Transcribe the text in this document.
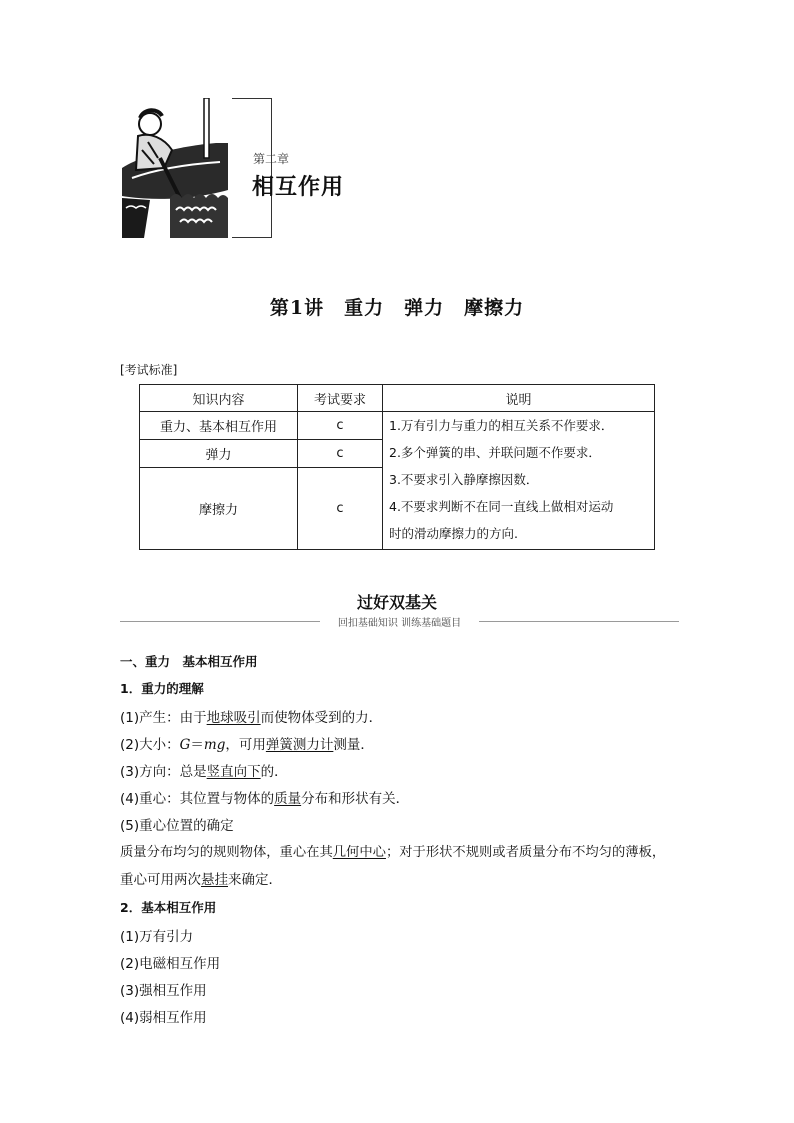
第二章
相互作用
第1讲　重力　弹力　摩擦力
[考试标准]
知识内容	考试要求	说明
重力、基本相互作用	c	1.万有引力与重力的相互关系不作要求．
2.多个弹簧的串、并联问题不作要求．
3.不要求引入静摩擦因数．
4.不要求判断不在同一直线上做相对运动
时的滑动摩擦力的方向.

弹力	c	
摩擦力	c	
过好双基关
回扣基础知识 训练基础题目
一、重力　基本相互作用
1．重力的理解
(1)产生：由于地球吸引而使物体受到的力．
(2)大小：G＝mg，可用弹簧测力计测量．
(3)方向：总是竖直向下的．
(4)重心：其位置与物体的质量分布和形状有关．
(5)重心位置的确定
质量分布均匀的规则物体，重心在其几何中心；对于形状不规则或者质量分布不均匀的薄板，
重心可用两次悬挂来确定．
2．基本相互作用
(1)万有引力
(2)电磁相互作用
(3)强相互作用
(4)弱相互作用
